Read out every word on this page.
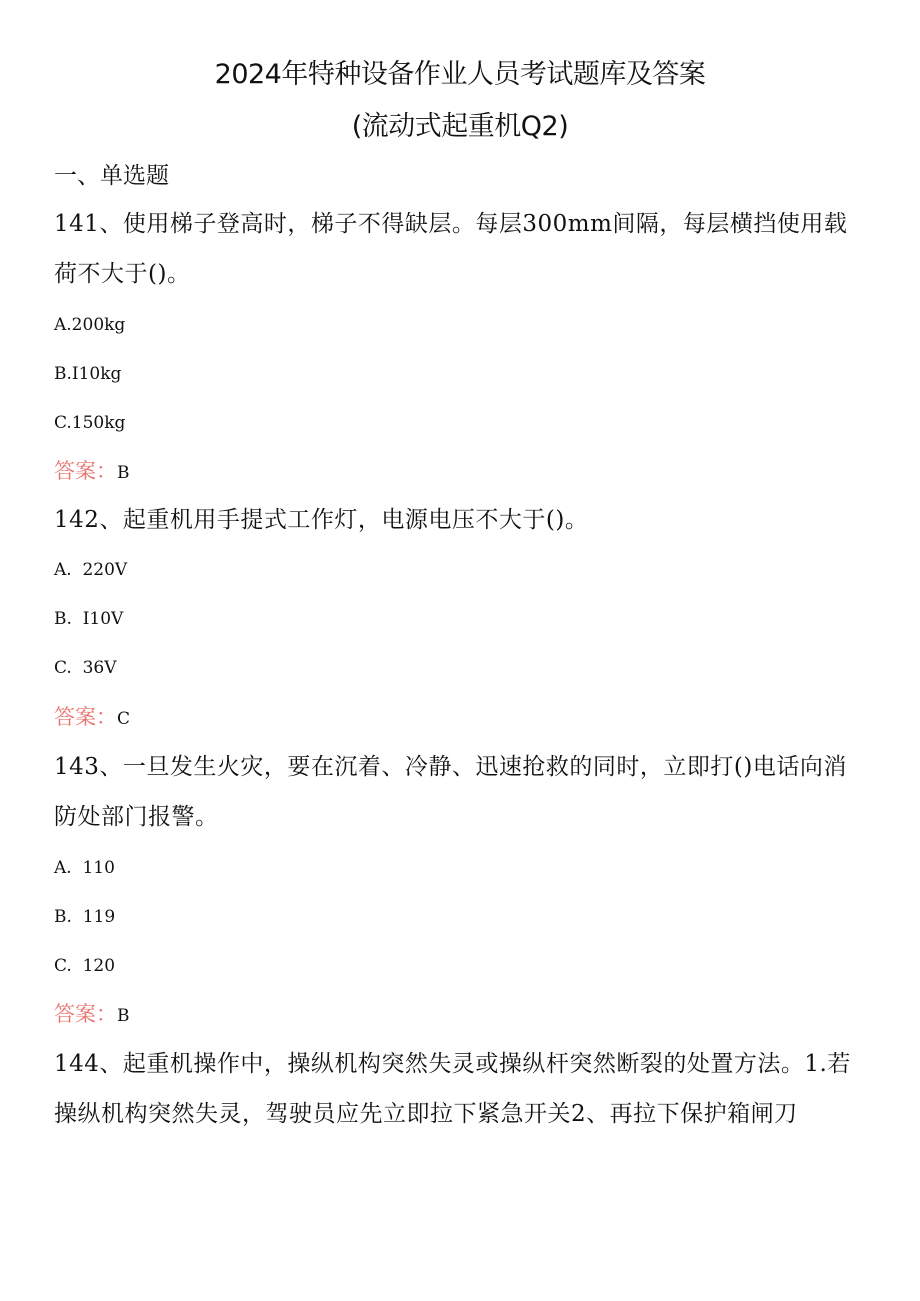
2024年特种设备作业人员考试题库及答案
(流动式起重机Q2)
一、单选题
141、使用梯子登高时，梯子不得缺层。每层300mm间隔，每层横挡使用载荷不大于()。
A.200kg
B.I10kg
C.150kg
答案：B
142、起重机用手提式工作灯，电源电压不大于()。
A.  220V
B.  I10V
C.  36V
答案：C
143、一旦发生火灾，要在沉着、冷静、迅速抢救的同时，立即打()电话向消防处部门报警。
A.  110
B.  119
C.  120
答案：B
144、起重机操作中，操纵机构突然失灵或操纵杆突然断裂的处置方法。1.若操纵机构突然失灵，驾驶员应先立即拉下紧急开关2、再拉下保护箱闸刀
